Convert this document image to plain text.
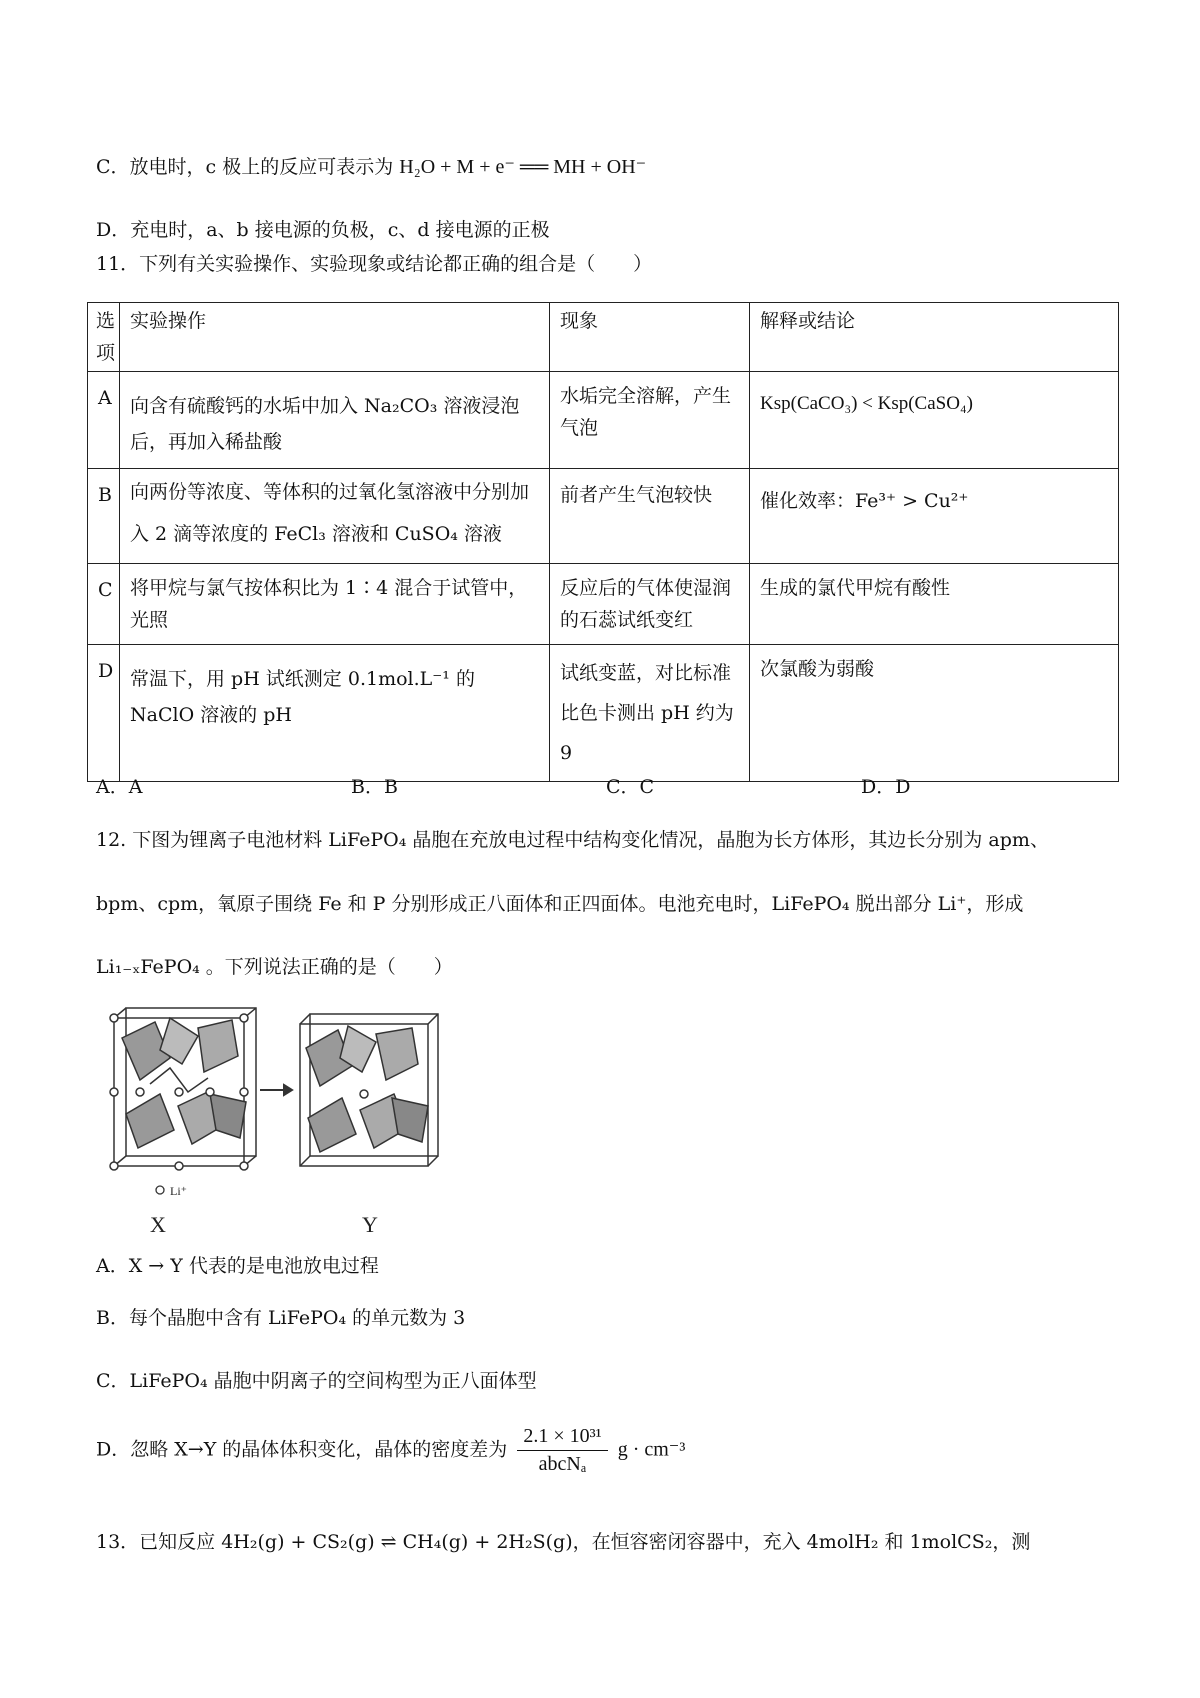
C．放电时，c 极上的反应可表示为 H₂O + M + e⁻ ══ MH + OH⁻
D．充电时，a、b 接电源的负极，c、d 接电源的正极
11．下列有关实验操作、实验现象或结论都正确的组合是（　　）
选项	实验操作	现象	解释或结论
A	向含有硫酸钙的水垢中加入 Na₂CO₃ 溶液浸泡后，再加入稀盐酸	水垢完全溶解，产生气泡	Ksp(CaCO₃) < Ksp(CaSO₄)
B	向两份等浓度、等体积的过氧化氢溶液中分别加入 2 滴等浓度的 FeCl₃ 溶液和 CuSO₄ 溶液	前者产生气泡较快	催化效率：Fe³⁺ > Cu²⁺
C	将甲烷与氯气按体积比为 1∶4 混合于试管中，光照	反应后的气体使湿润的石蕊试纸变红	生成的氯代甲烷有酸性
D	常温下，用 pH 试纸测定 0.1mol.L⁻¹ 的 NaClO 溶液的 pH	试纸变蓝，对比标准比色卡测出 pH 约为 9	次氯酸为弱酸
A．A	B．B	C．C	D．D
12. 下图为锂离子电池材料 LiFePO₄ 晶胞在充放电过程中结构变化情况，晶胞为长方体形，其边长分别为 apm、
bpm、cpm，氧原子围绕 Fe 和 P 分别形成正八面体和正四面体。电池充电时，LiFePO₄ 脱出部分 Li⁺，形成
Li₁₋ₓFePO₄ 。下列说法正确的是（　　）
Li⁺
X	Y
A．X → Y 代表的是电池放电过程
B．每个晶胞中含有 LiFePO₄ 的单元数为 3
C．LiFePO₄ 晶胞中阴离子的空间构型为正八面体型
D．忽略 X→Y 的晶体体积变化，晶体的密度差为 $\frac{\text{2.1 × 10³¹}}{\text{abcNₐ}}$ g · cm⁻³
13．已知反应 4H₂(g) + CS₂(g) ⇌ CH₄(g) + 2H₂S(g)，在恒容密闭容器中，充入 4molH₂ 和 1molCS₂，测
